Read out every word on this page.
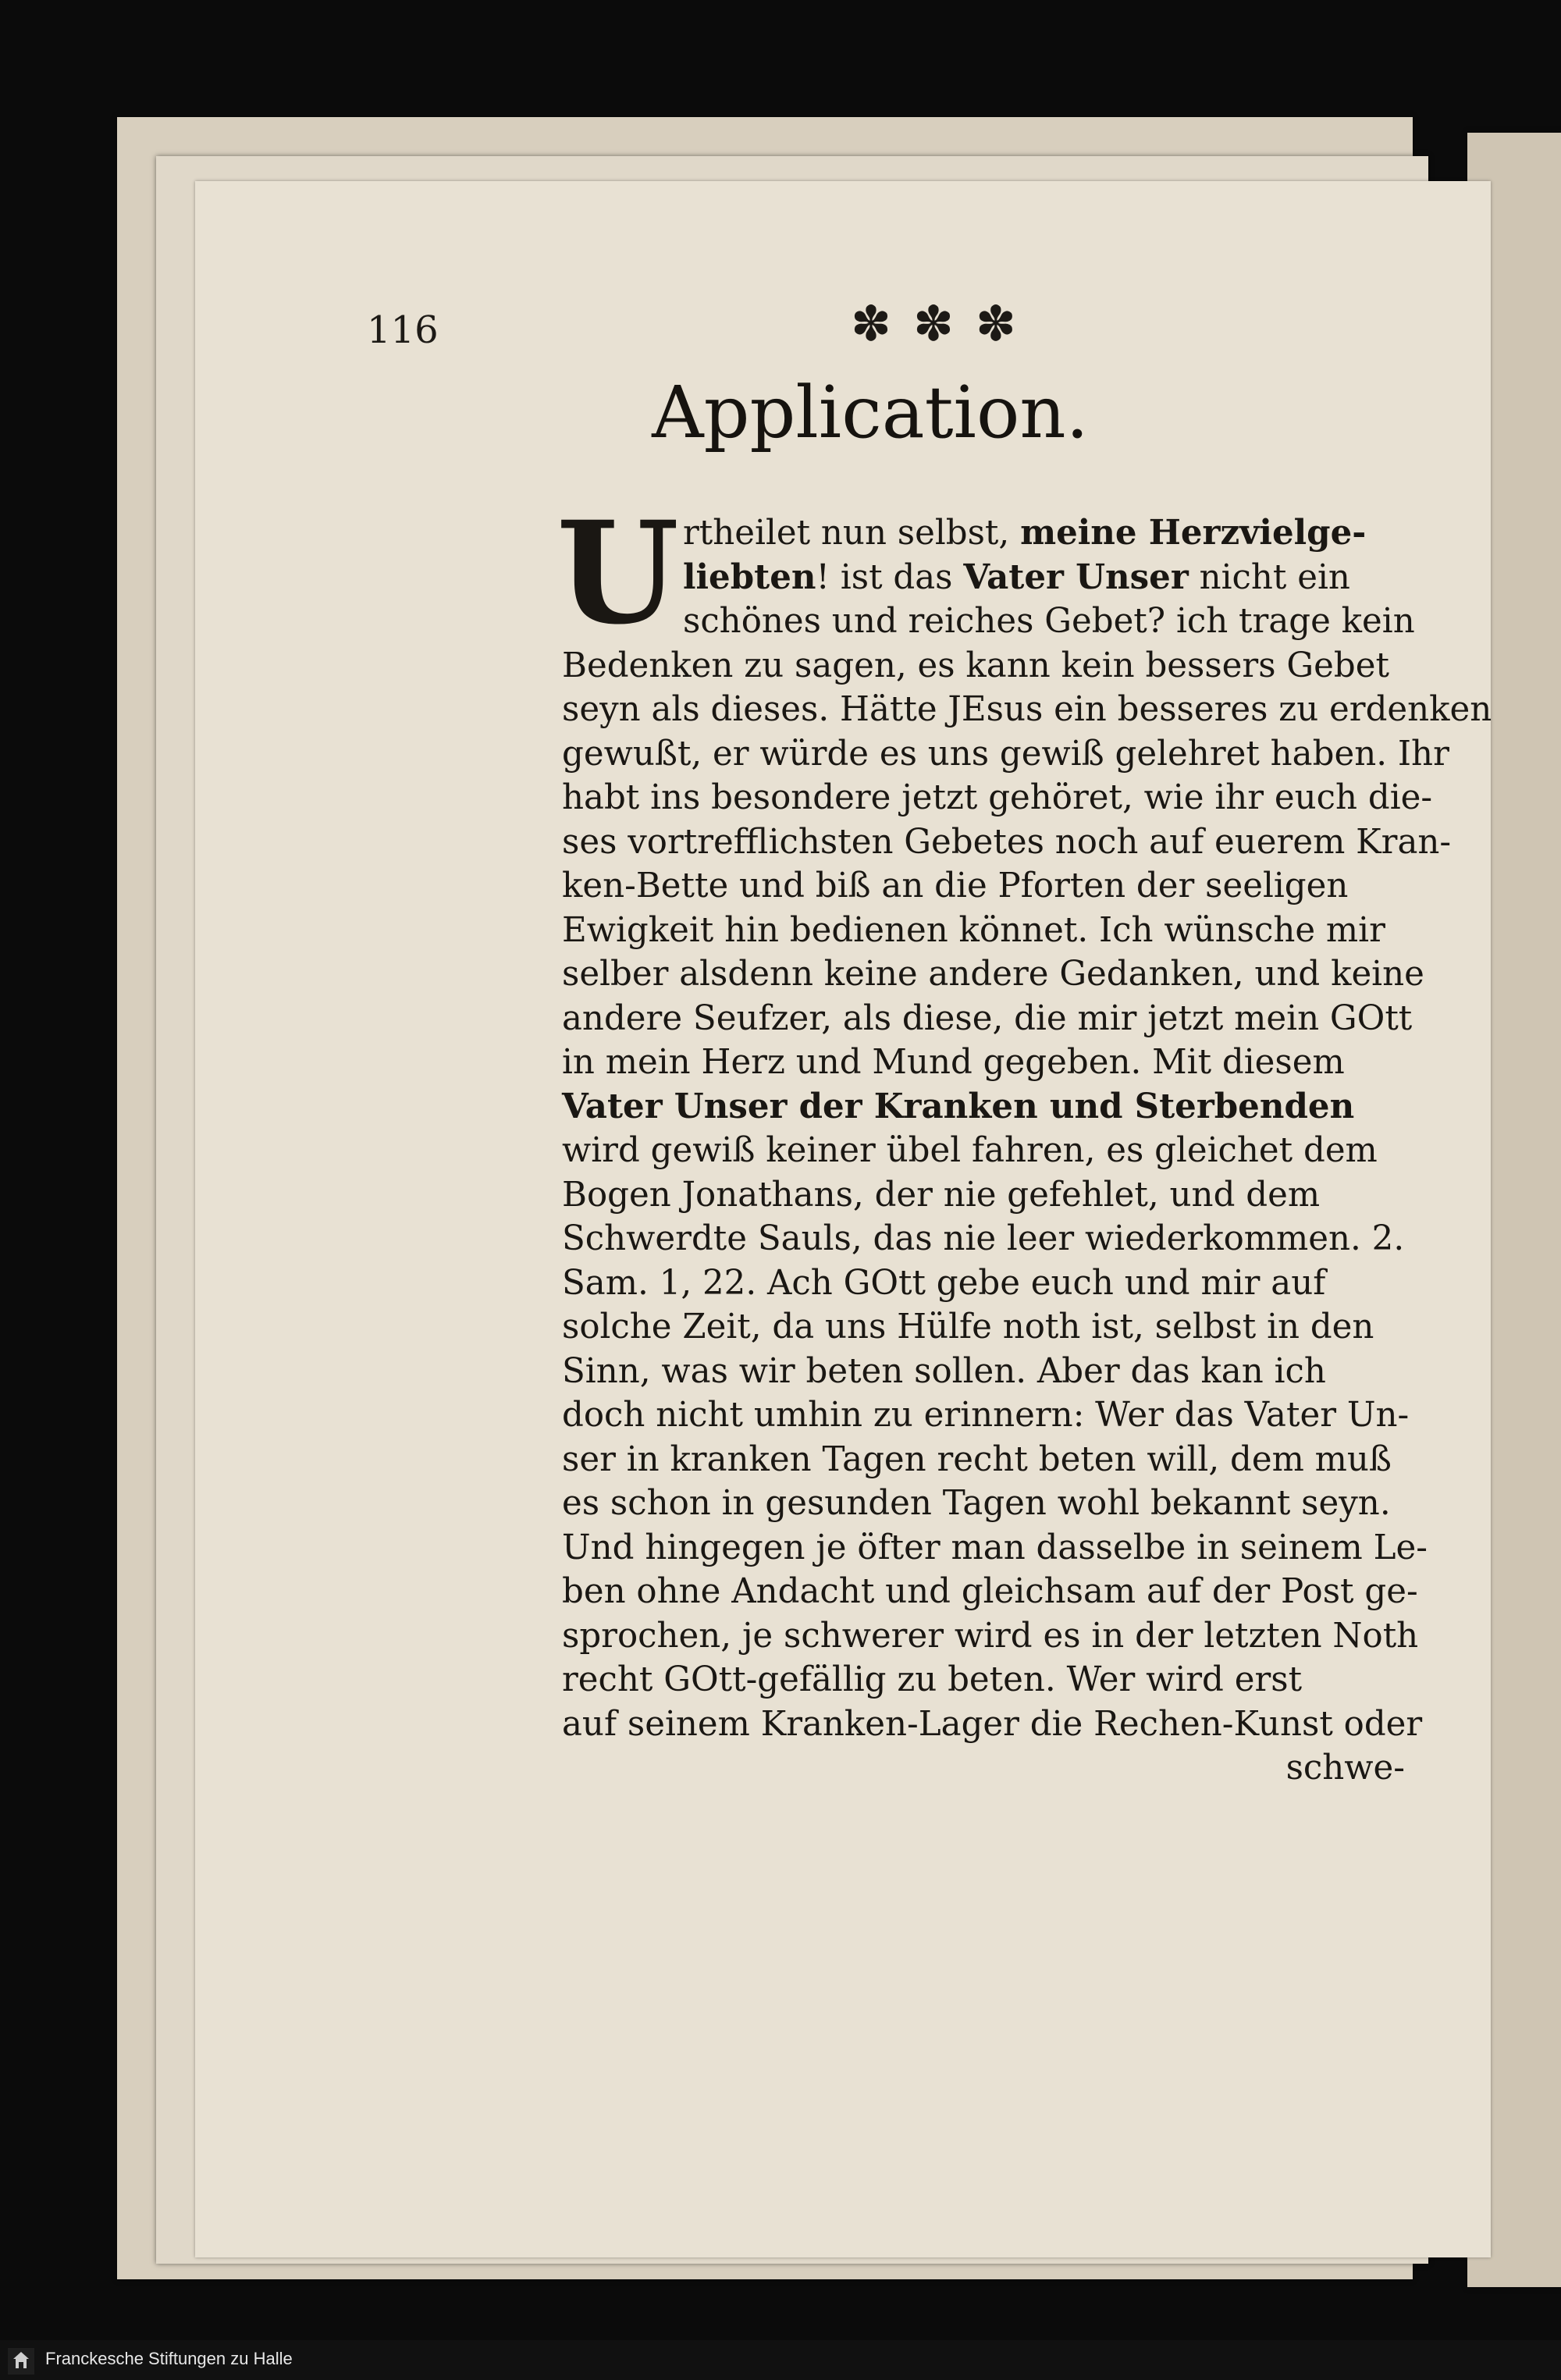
116	✽✽✽
Application.
U rtheilet nun selbst, meine Herzvielge-
liebten! ist das Vater Unser nicht ein
schönes und reiches Gebet? ich trage kein
Bedenken zu sagen, es kann kein bessers Gebet
seyn als dieses. Hätte JEsus ein besseres zu erdenken
gewußt, er würde es uns gewiß gelehret haben. Ihr
habt ins besondere jetzt gehöret, wie ihr euch die-
ses vortrefflichsten Gebetes noch auf euerem Kran-
ken-Bette und biß an die Pforten der seeligen
Ewigkeit hin bedienen könnet. Ich wünsche mir
selber alsdenn keine andere Gedanken, und keine
andere Seufzer, als diese, die mir jetzt mein GOtt
in mein Herz und Mund gegeben. Mit diesem
Vater Unser der Kranken und Sterbenden
wird gewiß keiner übel fahren, es gleichet dem
Bogen Jonathans, der nie gefehlet, und dem
Schwerdte Sauls, das nie leer wiederkommen. 2.
Sam. 1, 22. Ach GOtt gebe euch und mir auf
solche Zeit, da uns Hülfe noth ist, selbst in den
Sinn, was wir beten sollen. Aber das kan ich
doch nicht umhin zu erinnern: Wer das Vater Un-
ser in kranken Tagen recht beten will, dem muß
es schon in gesunden Tagen wohl bekannt seyn.
Und hingegen je öfter man dasselbe in seinem Le-
ben ohne Andacht und gleichsam auf der Post ge-
sprochen, je schwerer wird es in der letzten Noth
recht GOtt-gefällig zu beten. Wer wird erst
auf seinem Kranken-Lager die Rechen-Kunst oder
schwe-
Franckesche Stiftungen zu Halle
